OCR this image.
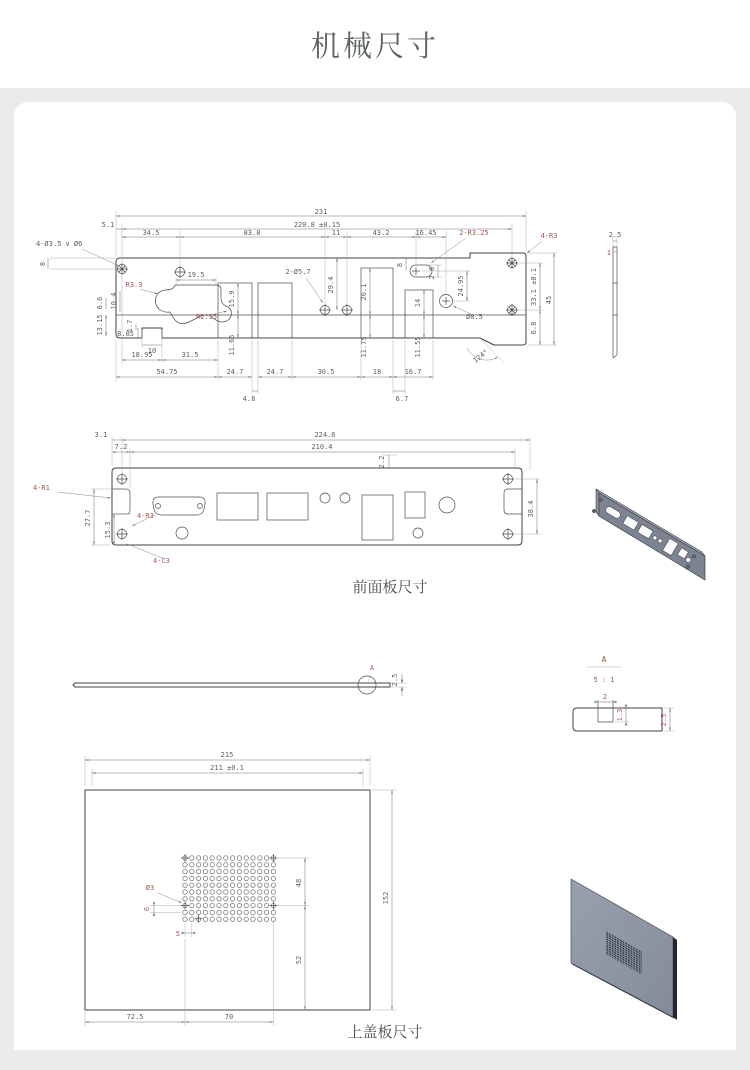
机械尺寸
231
220.8 ±0.15
5.1
34.5	83.8	11	43.2	16.45	2-R3.25	4-R3
4-Ø3.5 ∨ Ø6
8
R3.3
19.5	2-Ø5.7
29.4
15.9
11.65
26.1
11.75
14
11.55
8
2-6
24.95
Ø8.5
124°
6.6 10.4
13.15	1.7
8.85
10
18.95	31.5
54.75
R2.15
24.7	24.7	30.5	18	16.7
4.8	6.7
33.1 ±0.1 45
6.8
2.5
1
3.1	224.6
7.2	210.4
2.2
4-R1
4-R3
4-C3
27.7
15.3
38.4
前面板尺寸
2.5
A
A
5 : 1
2
1.3	2.5
215
211 ±0.1
152
48
52
Ø3
6
5
72.5	70
上盖板尺寸
